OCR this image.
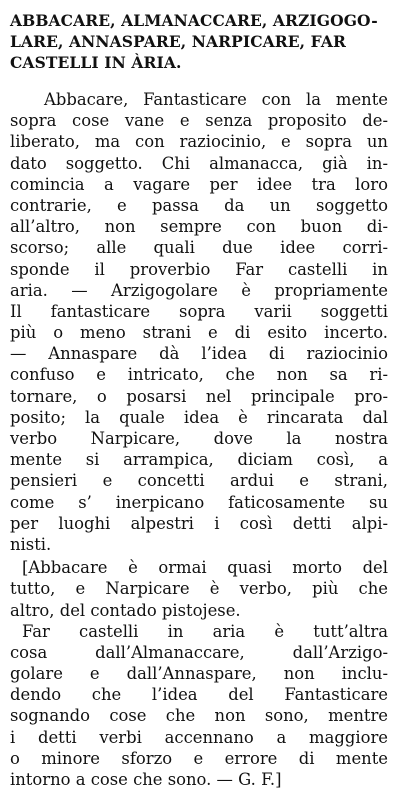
ABBACARE, ALMANACCARE, ARZIGOGO-
LARE, ANNASPARE, NARPICARE, FAR
CASTELLI IN ÀRIA.
Abbacare, Fantasticare con la mente
sopra cose vane e senza proposito de-
liberato, ma con raziocinio, e sopra un
dato soggetto. Chi almanacca, già in-
comincia a vagare per idee tra loro
contrarie, e passa da un soggetto
all’altro, non sempre con buon di-
scorso; alle quali due idee corri-
sponde il proverbio Far castelli in
aria. — Arzigogolare è propriamente
Il fantasticare sopra varii soggetti
più o meno strani e di esito incerto.
— Annaspare dà l’idea di raziocinio
confuso e intricato, che non sa ri-
tornare, o posarsi nel principale pro-
posito; la quale idea è rincarata dal
verbo Narpicare, dove la nostra
mente si arrampica, diciam così, a
pensieri e concetti ardui e strani,
come s’ inerpicano faticosamente su
per luoghi alpestri i così detti alpi-
nisti.
[Abbacare è ormai quasi morto del
tutto, e Narpicare è verbo, più che
altro, del contado pistojese.
Far castelli in aria è tutt’altra
cosa dall’Almanaccare, dall’Arzigo-
golare e dall’Annaspare, non inclu-
dendo che l’idea del Fantasticare
sognando cose che non sono, mentre
i detti verbi accennano a maggiore
o minore sforzo e errore di mente
intorno a cose che sono. — G. F.]
